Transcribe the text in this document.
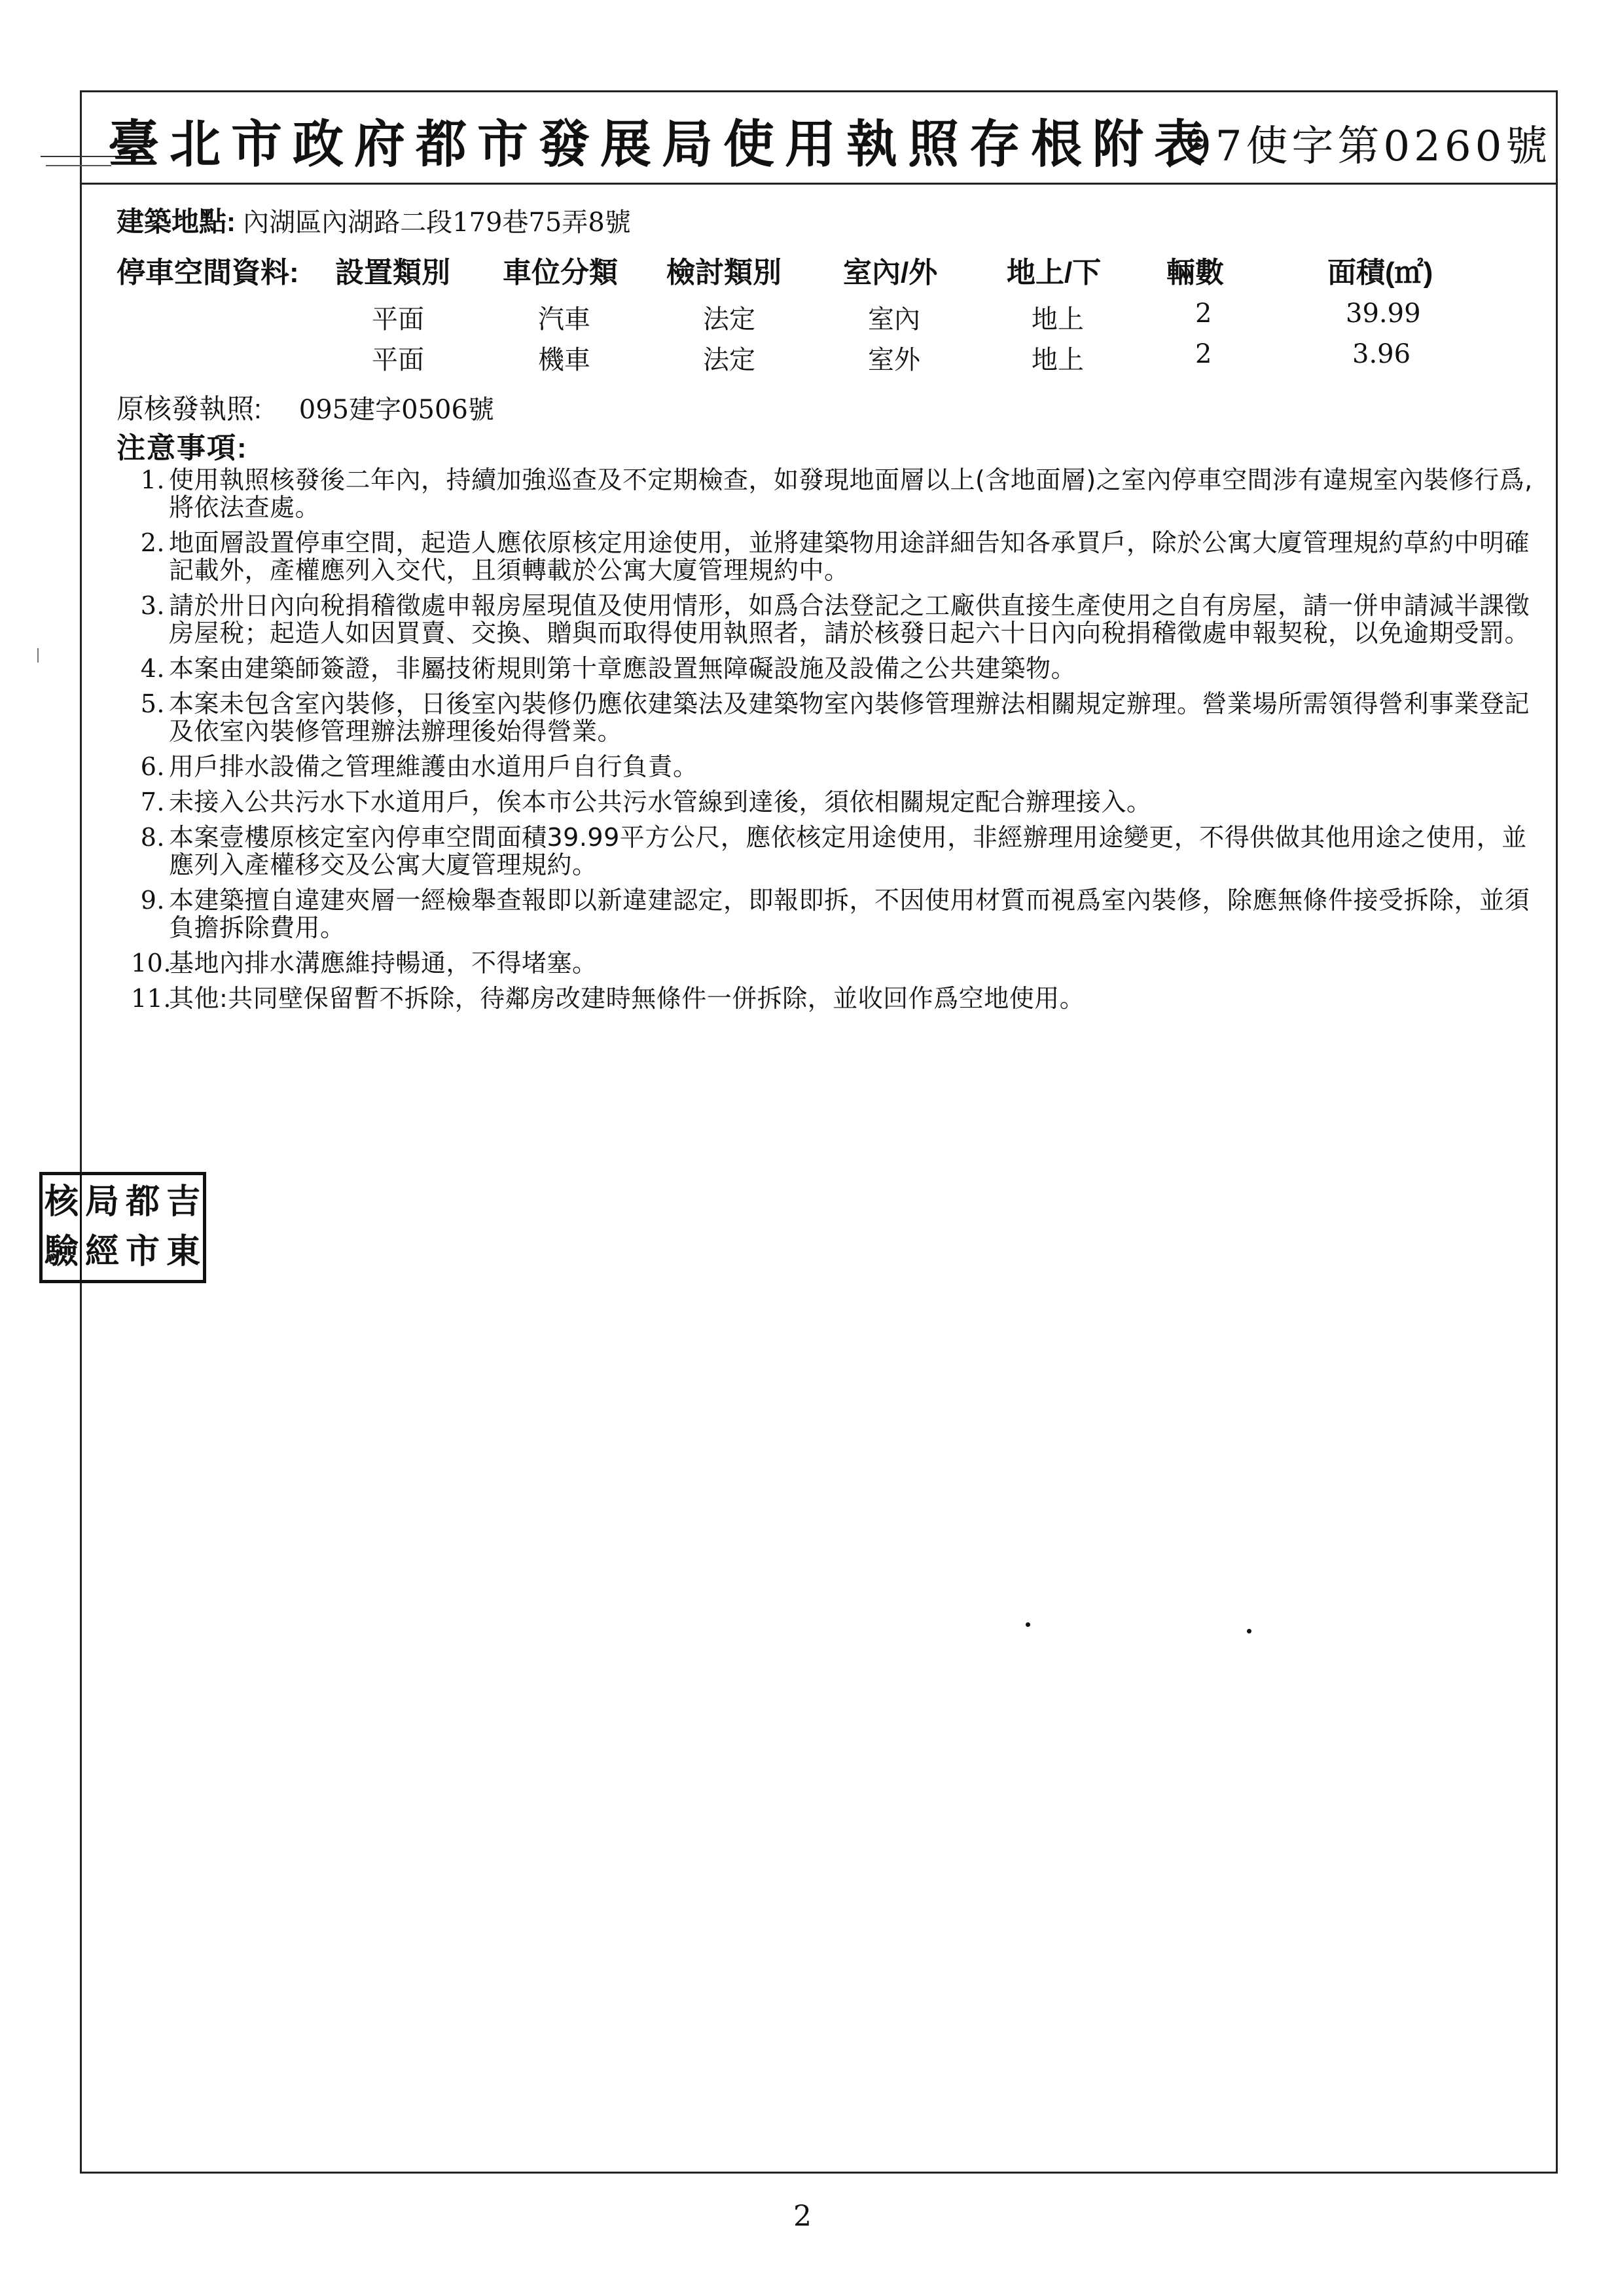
臺北市政府都市發展局使用執照存根附表
97使字第0260號
建築地點: 內湖區內湖路二段179巷75弄8號
停車空間資料: 設置類別 車位分類 檢討類別 室內/外 地上/下 輛數	面積(㎡)
平面	汽車	法定	室內	地上	2	39.99
平面	機車	法定	室外	地上	2	3.96
原核發執照: 095建字0506號
注意事項:
1. 使用執照核發後二年內，持續加強巡查及不定期檢查，如發現地面層以上(含地面層)之室內停車空間涉有違規室內裝修行爲,將依法查處。
2. 地面層設置停車空間，起造人應依原核定用途使用，並將建築物用途詳細告知各承買戶，除於公寓大廈管理規約草約中明確記載外，產權應列入交代，且須轉載於公寓大廈管理規約中。
3. 請於卅日內向稅捐稽徵處申報房屋現值及使用情形，如爲合法登記之工廠供直接生產使用之自有房屋，請一併申請減半課徵房屋稅；起造人如因買賣、交換、贈與而取得使用執照者，請於核發日起六十日內向稅捐稽徵處申報契稅，以免逾期受罰。
4. 本案由建築師簽證，非屬技術規則第十章應設置無障礙設施及設備之公共建築物。
5. 本案未包含室內裝修，日後室內裝修仍應依建築法及建築物室內裝修管理辦法相關規定辦理。營業場所需領得營利事業登記及依室內裝修管理辦法辦理後始得營業。
6. 用戶排水設備之管理維護由水道用戶自行負責。
7. 未接入公共污水下水道用戶，俟本市公共污水管線到達後，須依相關規定配合辦理接入。
8. 本案壹樓原核定室內停車空間面積39.99平方公尺，應依核定用途使用，非經辦理用途變更，不得供做其他用途之使用，並應列入產權移交及公寓大廈管理規約。
9. 本建築擅自違建夾層一經檢舉查報即以新違建認定，即報即拆，不因使用材質而視爲室內裝修，除應無條件接受拆除，並須負擔拆除費用。
10.
基地內排水溝應維持暢通，不得堵塞。
11.
其他:共同壁保留暫不拆除，待鄰房改建時無條件一併拆除，並收回作爲空地使用。
核
驗
局
經
都
市
吉
東
2
